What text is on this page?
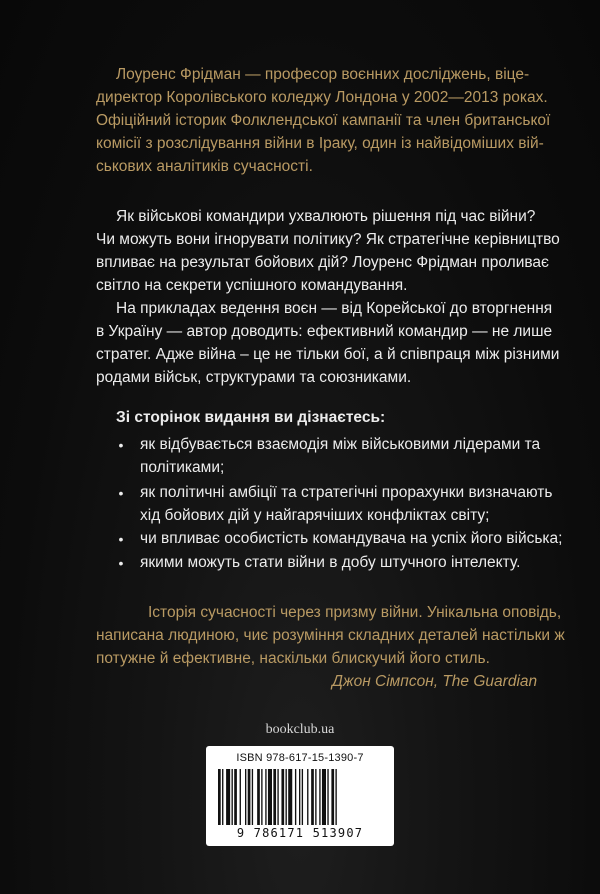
Лоуренс Фрідман — професор воєнних досліджень, віце-

директор Королівського коледжу Лондона у 2002—2013 роках.

Офіційний історик Фолклендської кампанії та член британської

комісії з розслідування війни в Іраку, один із найвідоміших вій-

ськових аналітиків сучасності.

Як військові командири ухвалюють рішення під час війни?

Чи можуть вони ігнорувати політику? Як стратегічне керівництво

впливає на результат бойових дій? Лоуренс Фрідман проливає

світло на секрети успішного командування.

На прикладах ведення воєн — від Корейської до вторгнення

в Україну — автор доводить: ефективний командир — не лише

стратег. Адже війна – це не тільки бої, а й співпраця між різними

родами військ, структурами та союзниками.

Зі сторінок видання ви дізнаєтесь:

• як відбувається взаємодія між військовими лідерами та

політиками;

• як політичні амбіції та стратегічні прорахунки визначають

хід бойових дій у найгарячіших конфліктах світу;

• чи впливає особистість командувача на успіх його війська;

• якими можуть стати війни в добу штучного інтелекту.

Історія сучасності через призму війни. Унікальна оповідь,

написана людиною, чиє розуміння складних деталей настільки ж

потужне й ефективне, наскільки блискучий його стиль.

Джон Сімпсон, The Guardian

bookclub.ua
ISBN 978-617-15-1390-7
9 786171 513907
